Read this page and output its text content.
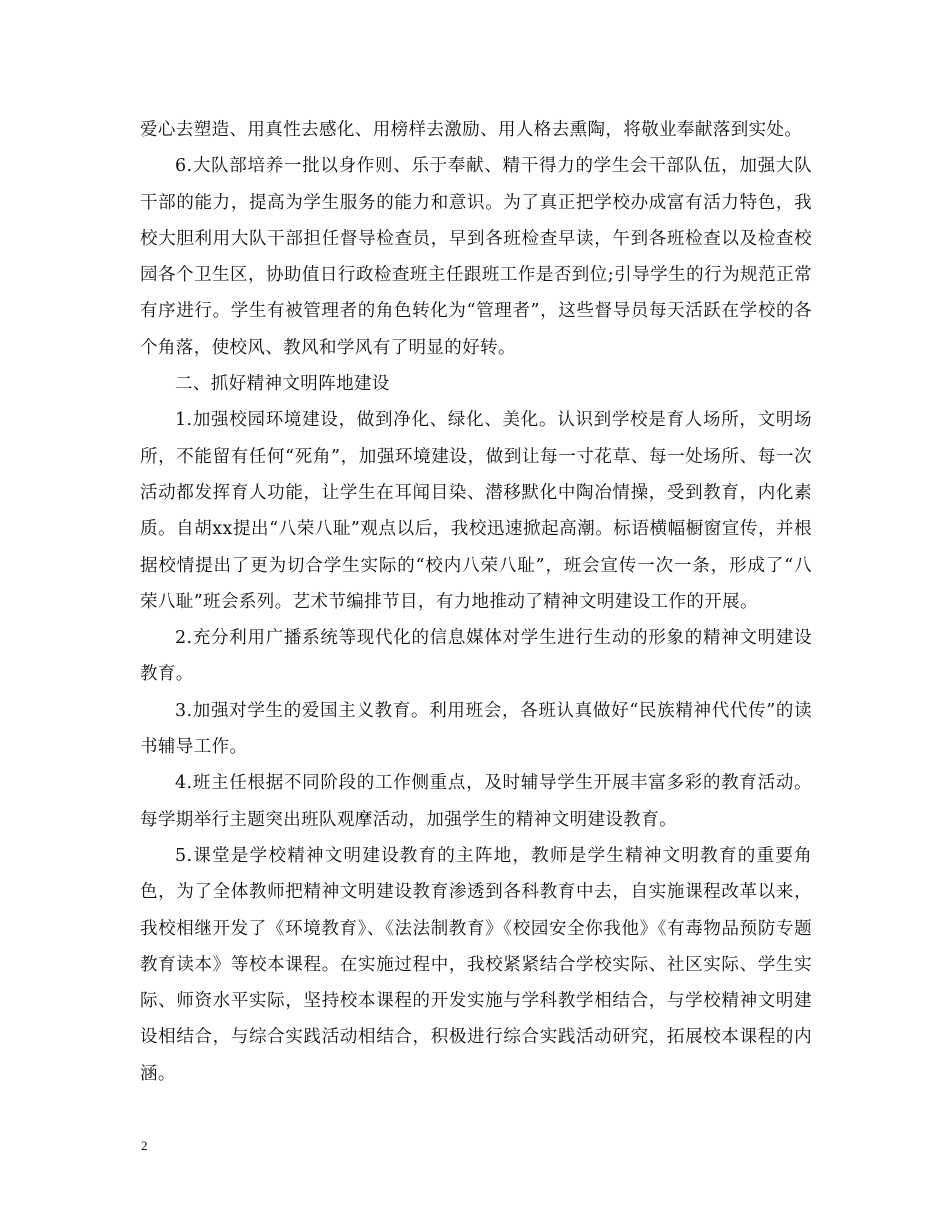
爱心去塑造、用真性去感化、用榜样去激励、用人格去熏陶，将敬业奉献落到实处。

6.大队部培养一批以身作则、乐于奉献、精干得力的学生会干部队伍，加强大队干部的能力，提高为学生服务的能力和意识。为了真正把学校办成富有活力特色，我校大胆利用大队干部担任督导检查员，早到各班检查早读，午到各班检查以及检查校园各个卫生区，协助值日行政检查班主任跟班工作是否到位;引导学生的行为规范正常有序进行。学生有被管理者的角色转化为“管理者”，这些督导员每天活跃在学校的各个角落，使校风、教风和学风有了明显的好转。

二、抓好精神文明阵地建设

1.加强校园环境建设，做到净化、绿化、美化。认识到学校是育人场所，文明场所，不能留有任何“死角”，加强环境建设，做到让每一寸花草、每一处场所、每一次活动都发挥育人功能，让学生在耳闻目染、潜移默化中陶冶情操，受到教育，内化素质。自胡xx提出“八荣八耻”观点以后，我校迅速掀起高潮。标语横幅橱窗宣传，并根据校情提出了更为切合学生实际的“校内八荣八耻”，班会宣传一次一条，形成了“八荣八耻”班会系列。艺术节编排节目，有力地推动了精神文明建设工作的开展。

2.充分利用广播系统等现代化的信息媒体对学生进行生动的形象的精神文明建设教育。

3.加强对学生的爱国主义教育。利用班会，各班认真做好“民族精神代代传”的读书辅导工作。

4.班主任根据不同阶段的工作侧重点，及时辅导学生开展丰富多彩的教育活动。每学期举行主题突出班队观摩活动，加强学生的精神文明建设教育。

5.课堂是学校精神文明建设教育的主阵地，教师是学生精神文明教育的重要角色，为了全体教师把精神文明建设教育渗透到各科教育中去，自实施课程改革以来，我校相继开发了《环境教育》、《法法制教育》《校园安全你我他》《有毒物品预防专题教育读本》等校本课程。在实施过程中，我校紧紧结合学校实际、社区实际、学生实际、师资水平实际，坚持校本课程的开发实施与学科教学相结合，与学校精神文明建设相结合，与综合实践活动相结合，积极进行综合实践活动研究，拓展校本课程的内涵。

2
